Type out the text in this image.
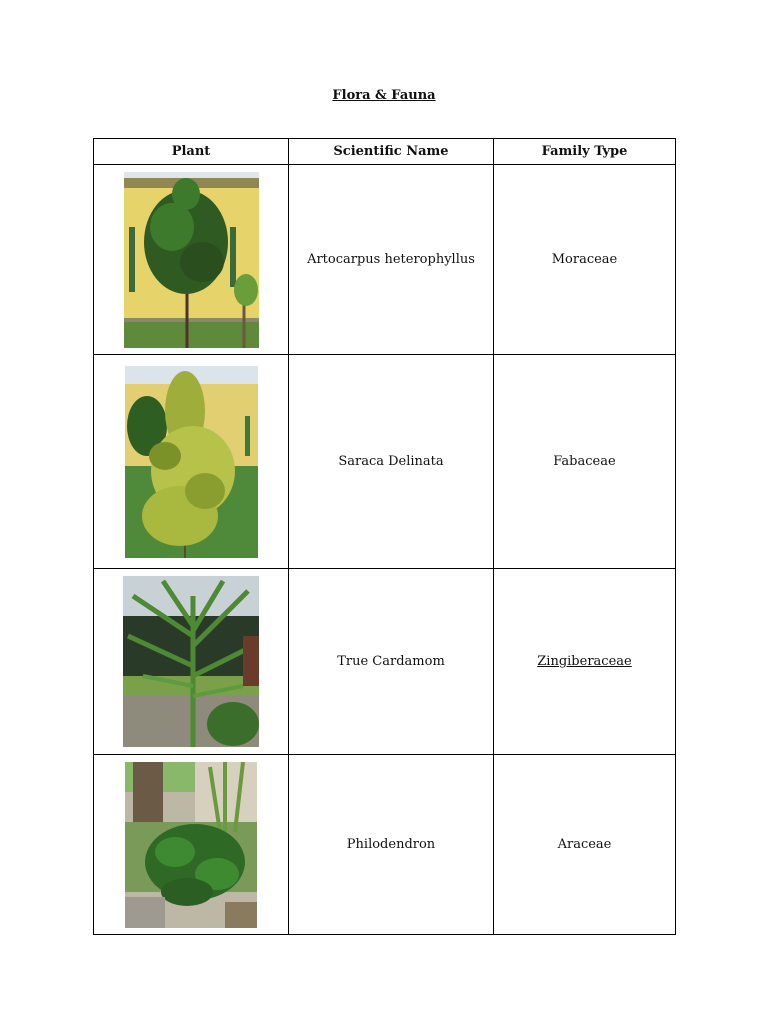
Flora & Fauna
Plant	Scientific Name	Family Type

	Artocarpus heterophyllus	Moraceae

	Saraca Delinata	Fabaceae

	True Cardamom	Zingiberaceae

	Philodendron	Araceae
